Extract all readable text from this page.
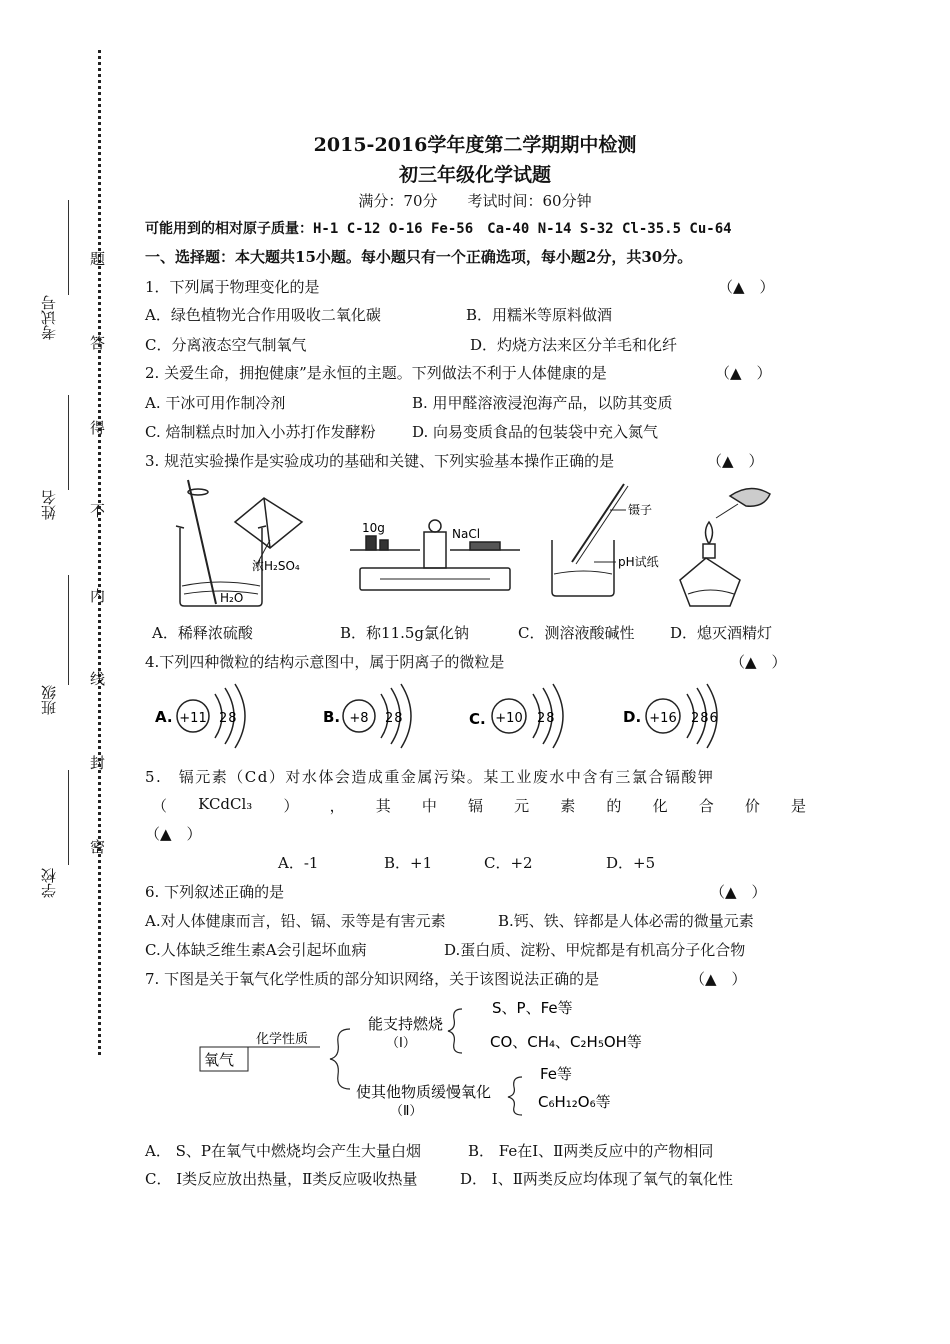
考试号
姓名
班级
学校
题
答
得
不
内
线
封
密
2015-2016学年度第二学期期中检测
初三年级化学试题
满分：70分　　考试时间：60分钟
可能用到的相对原子质量：H-1 C-12 O-16 Fe-56　Ca-40 N-14 S-32 Cl-35.5 Cu-64
一、选择题：本大题共15小题。每小题只有一个正确选项，每小题2分，共30分。
1．下列属于物理变化的是	（▲　）
A．绿色植物光合作用吸收二氧化碳	B．用糯米等原料做酒
C．分离液态空气制氧气	D．灼烧方法来区分羊毛和化纤
2. 关爱生命，拥抱健康”是永恒的主题。下列做法不利于人体健康的是	（▲　）
A. 干冰可用作制冷剂	B. 用甲醛溶液浸泡海产品，以防其变质
C. 焙制糕点时加入小苏打作发酵粉 D. 向易变质食品的包装袋中充入氮气
3. 规范实验操作是实验成功的基础和关键、下列实验基本操作正确的是	（▲　）
浓H₂SO₄
H₂O
10g	NaCl
镊子
pH试纸
A．稀释浓硫酸	B．称11.5g氯化钠	C．测溶液酸碱性 D．熄灭酒精灯
4.下列四种微粒的结构示意图中，属于阴离子的微粒是	（▲　）
A. +11 28	B. +8 28	C. +10 28	D. +16 286
5.　镉元素（Cd）对水体会造成重金属污染。某工业废水中含有三氯合镉酸钾
（ KCdCl₃ ） ， 其 中 镉 元 素 的 化 合 价 是
（▲　）
A．-1	B．+1	C．+2	D．+5
6. 下列叙述正确的是	（▲　）
A.对人体健康而言，铅、镉、汞等是有害元素	B.钙、铁、锌都是人体必需的微量元素
C.人体缺乏维生素A会引起坏血病	D.蛋白质、淀粉、甲烷都是有机高分子化合物
7. 下图是关于氧气化学性质的部分知识网络，关于该图说法正确的是	（▲　）
氧气
化学性质
能支持燃烧
（Ⅰ）
S、P、Fe等
CO、CH₄、C₂H₅OH等
使其他物质缓慢氧化
（Ⅱ）
Fe等
C₆H₁₂O₆等
A． S、P在氧气中燃烧均会产生大量白烟	B． Fe在Ⅰ、Ⅱ两类反应中的产物相同
C． Ⅰ类反应放出热量，Ⅱ类反应吸收热量	D． Ⅰ、Ⅱ两类反应均体现了氧气的氧化性
